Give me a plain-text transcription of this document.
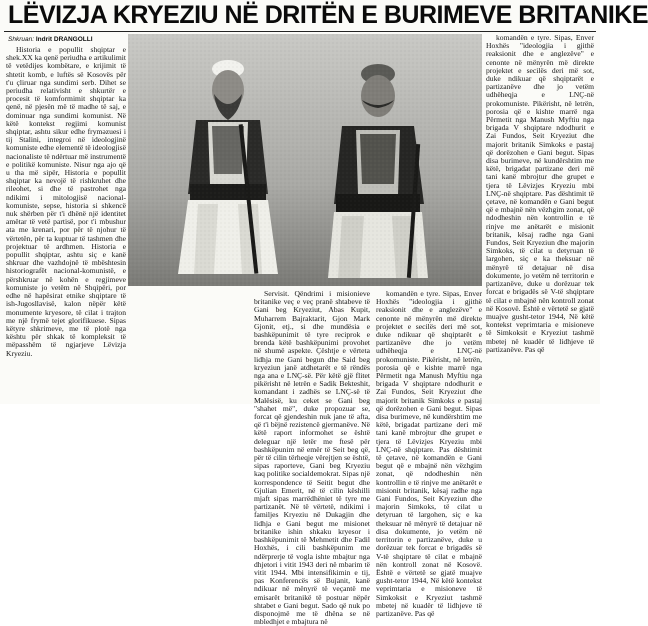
LËVIZJA KRYEZIU NË DRITËN E BURIMEVE BRITANIKE
Shkruan: Indrit DRANGOLLI

Historia e popullit shqiptar e shek.XX ka qenë periudha e artikulimit të vetëdijes kombëtare, e krijimit të shtetit komb, e luftës së Kosovës për t'u çliruar nga sundimi serb. Dihet se periudha relativisht e shkurtër e procesit të komformimit shqiptar ka qenë, në pjesën më të madhe të saj, e dominuar nga sundimi komunist. Në këtë kontekst regjimi komunist shqiptar, ashtu sikur edhe fryməzuesi i tij Stalini, integroi në ideologjinë komuniste edhe elementë të ideologjisë nacionaliste të ndërtuar më instrumentë e politikë komuniste. Nisur nga ajo që u tha më sipër, Historia e popullit shqiptar ka nevojë të rishkruhet dhe rileohet, si dhe të pastrohet nga ndikimi i mitologjisë nacional-komuniste, sepse, historia si shkencë nuk shërben për t'i dhënë një identitet amëtar të vetë partisë, por t'i mbushur ata me krenari, por për të njohur të vërtetën, për ta kuptuar të tashmen dhe projektuar të ardhmen. Historia e popullit shqiptar, ashtu siç e kanë shkruar dhe vazhdojnë të mbështesin historiografët nacional-komunistë, e përshkruar në kohën e regjimeve komuniste jo vetëm në Shqipëri, por edhe në hapësirat etnike shqiptare të ish-Jugosllavisë, kalon nëpër këtë monumente kryesore, të cilat i trajton me një frymë tejet glorifikuese. Sipas këtyre shkrimeve, me të plotë nga kështu për shkak të kompleksit të mëpasshëm të ngjarjeve Lëvizja Kryeziu.

Servisit. Qëndrimi i misionieve britanike veç e veç pranë shtabeve të Gani beg Kryeziut, Abas Kupit, Muharrem Bajraktarit, Gjon Mark Gjonit, etj., si dhe mundësia e bashkëpunimit të tyre reciprok e brenda këtë bashkëpunimi provohet në shumë aspekte. Çështje e vërteta lidhja me Gani begun dhe Said beg kryeziun janë atdhetarët e të rëndës nga ana e LNÇ-së. Për këtë gjë flitet pikërisht në letrën e Sadik Bekteshit, komandant i zadhës se LNÇ-së të Malësisë, ku ceket se Gani beg "shahet më", duke propozuar se, forcat që gjendeshin nuk jane të afta, që t'i bëjnë rezistencë gjermanëve. Në këtë raport informohet se është deleguar një letër me ftesë për bashkëpunim në emër të Seit beg që, për të cilin tërheqje vërejtjen se është, sipas raporteve, Gani beg Kryeziu kaq politike socialdemokrat. Sipas një korrespondence të Seitit begut dhe Gjulian Emerit, në të cilin këshilli mjaft sipas marrëdhëniet të tyre me partizanët. Në të vërtetë, ndikimi i familjes Kryeziu në Dukagjin dhe lidhja e Gani begut me misionet britanike ishin shkaku kryesor i bashkëpunimit të Mehmetit dhe Fadil Hoxhës, i cili bashkëpunim me ndërprerje të vogla ishte mbajtur nga dhjetori i vitit 1943 deri në mbarim të vitit 1944. Mbi intensifikimin e tij, pas Konferencës së Bujanit, kanë ndikuar në mënyrë të veçantë me emisarët britanikë të postuar nëpër shtabet e Gani begut. Sado që nuk po disponojmë me të dhëna se në mbledhjet e mbajtura në

komandën e tyre. Sipas, Enver Hoxhës "ideologjia i gjithë reaksionit dhe e anglezëve" e cenonte në mënyrën më direkte projektet e secilës deri më sot, duke ndikuar që shqiptarët e partizanëve dhe jo vetëm udhëheqja e LNÇ-në prokomuniste. Pikërisht, në letrën, porosia që e kishte marrë nga Përmetit nga Manush Myftiu nga brigada V shqiptare ndodhurit e Zai Fundos, Seit Kryeziut dhe majorit britanik Simkoks e pastaj që dorëzohen e Gani begut. Sipas disa burimeve, në kundërshtim me këtë, brigadat partizane deri më tani kanë mbrojtur dhe grupet e tjera të Lëvizjes Kryeziu mbi LNÇ-në shqiptare. Pas dështimit të çetave, në komandën e Gani begut që e mbajnë nën vëzhgim zonat, që ndodheshin nën kontrollin e të rinjve me anëtarët e misionit britanik, kësaj radhe nga Gani Fundos, Seit Kryeziun dhe majorin Simkoks, të cilat u detyruan të largohen, siç e ka theksuar në mënyrë të detajuar në disa dokumente, jo vetëm në territorin e partizanëve, duke u dorëzuar tek forcat e brigadës së V-të shqiptare të cilat e mbajnë nën kontroll zonat në Kosovë. Është e vërtetë se gjatë muajve gusht-tetor 1944, Në këtë kontekst veprimtaria e misioneve të Simkoksit e Kryeziut tashmë mbetej në kuadër të lidhjeve të partizanëve. Pas që

komandën e tyre. Sipas, Enver Hoxhës "ideologjia i gjithë reaksionit dhe e anglezëve" e cenonte në mënyrën më direkte projektet e secilës deri më sot, duke ndikuar që shqiptarët e partizanëve dhe jo vetëm udhëheqja e LNÇ-në prokomuniste. Pikërisht, në letrën, porosia që e kishte marrë nga Përmetit nga Manush Myftiu nga brigada V shqiptare ndodhurit e Zai Fundos, Seit Kryeziut dhe majorit britanik Simkoks e pastaj që dorëzohen e Gani begut. Sipas disa burimeve, në kundërshtim me këtë, brigadat partizane deri më tani kanë mbrojtur dhe grupet e tjera të Lëvizjes Kryeziu mbi LNÇ-në shqiptare. Pas dështimit të çetave, në komandën e Gani begut që e mbajnë nën vëzhgim zonat, që ndodheshin nën kontrollin e të rinjve me anëtarët e misionit britanik, kësaj radhe nga Gani Fundos, Seit Kryeziun dhe majorin Simkoks, të cilat u detyruan të largohen, siç e ka theksuar në mënyrë të detajuar në disa dokumente, jo vetëm në territorin e partizanëve, duke u dorëzuar tek forcat e brigadës së V-të shqiptare të cilat e mbajnë nën kontroll zonat në Kosovë. Është e vërtetë se gjatë muajve gusht-tetor 1944, Në këtë kontekst veprimtaria e misioneve të Simkoksit e Kryeziut tashmë mbetej në kuadër të lidhjeve të partizanëve. Pas që
